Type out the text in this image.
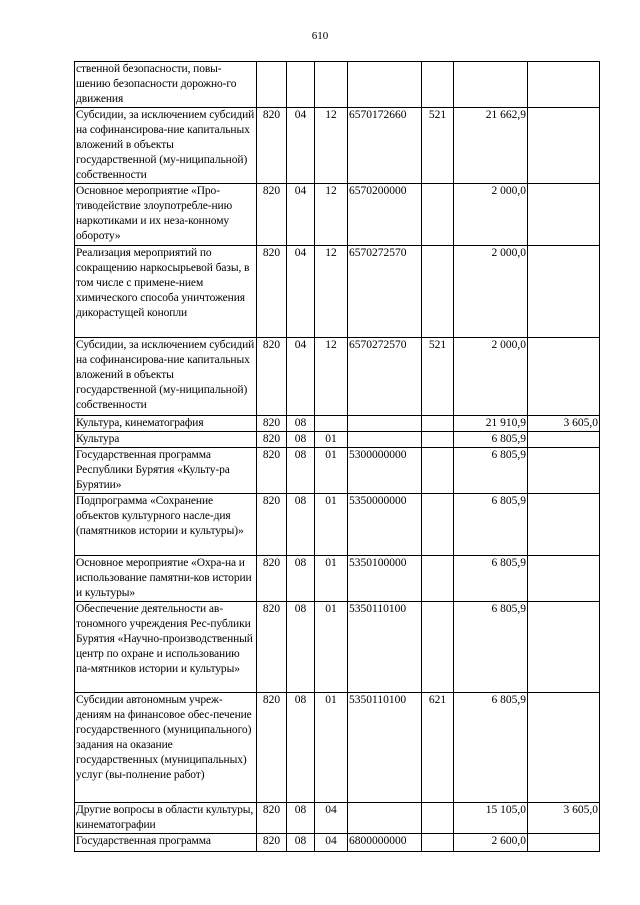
610
ственной безопасности, повы-шению безопасности дорожно-го движения							
Субсидии, за исключением субсидий на софинансирова-ние капитальных вложений в объекты государственной (му-ниципальной) собственности	820	04	12	6570172660	521	21 662,9	
Основное мероприятие «Про-тиводействие злоупотребле-нию наркотиками и их неза-конному обороту»	820	04	12	6570200000		2 000,0	
Реализация мероприятий по сокращению наркосырьевой базы, в том числе с примене-нием химического способа уничтожения дикорастущей конопли	820	04	12	6570272570		2 000,0	
Субсидии, за исключением субсидий на софинансирова-ние капитальных вложений в объекты государственной (му-ниципальной) собственности	820	04	12	6570272570	521	2 000,0	
Культура, кинематография	820	08				21 910,9	3 605,0
Культура	820	08	01			6 805,9	
Государственная программа Республики Бурятия «Культу-ра Бурятии»	820	08	01	5300000000		6 805,9	
Подпрограмма «Сохранение объектов культурного насле-дия (памятников истории и культуры)»	820	08	01	5350000000		6 805,9	
Основное мероприятие «Охра-на и использование памятни-ков истории и культуры»	820	08	01	5350100000		6 805,9	
Обеспечение деятельности ав-тономного учреждения Рес-публики Бурятия «Научно-производственный центр по охране и использованию па-мятников истории и культуры»	820	08	01	5350110100		6 805,9	
Субсидии автономным учреж-дениям на финансовое обес-печение государственного (муниципального) задания на оказание государственных (муниципальных) услуг (вы-полнение работ)	820	08	01	5350110100	621	6 805,9	
Другие вопросы в области культуры, кинематографии	820	08	04			15 105,0	3 605,0
Государственная программа	820	08	04	6800000000		2 600,0	
